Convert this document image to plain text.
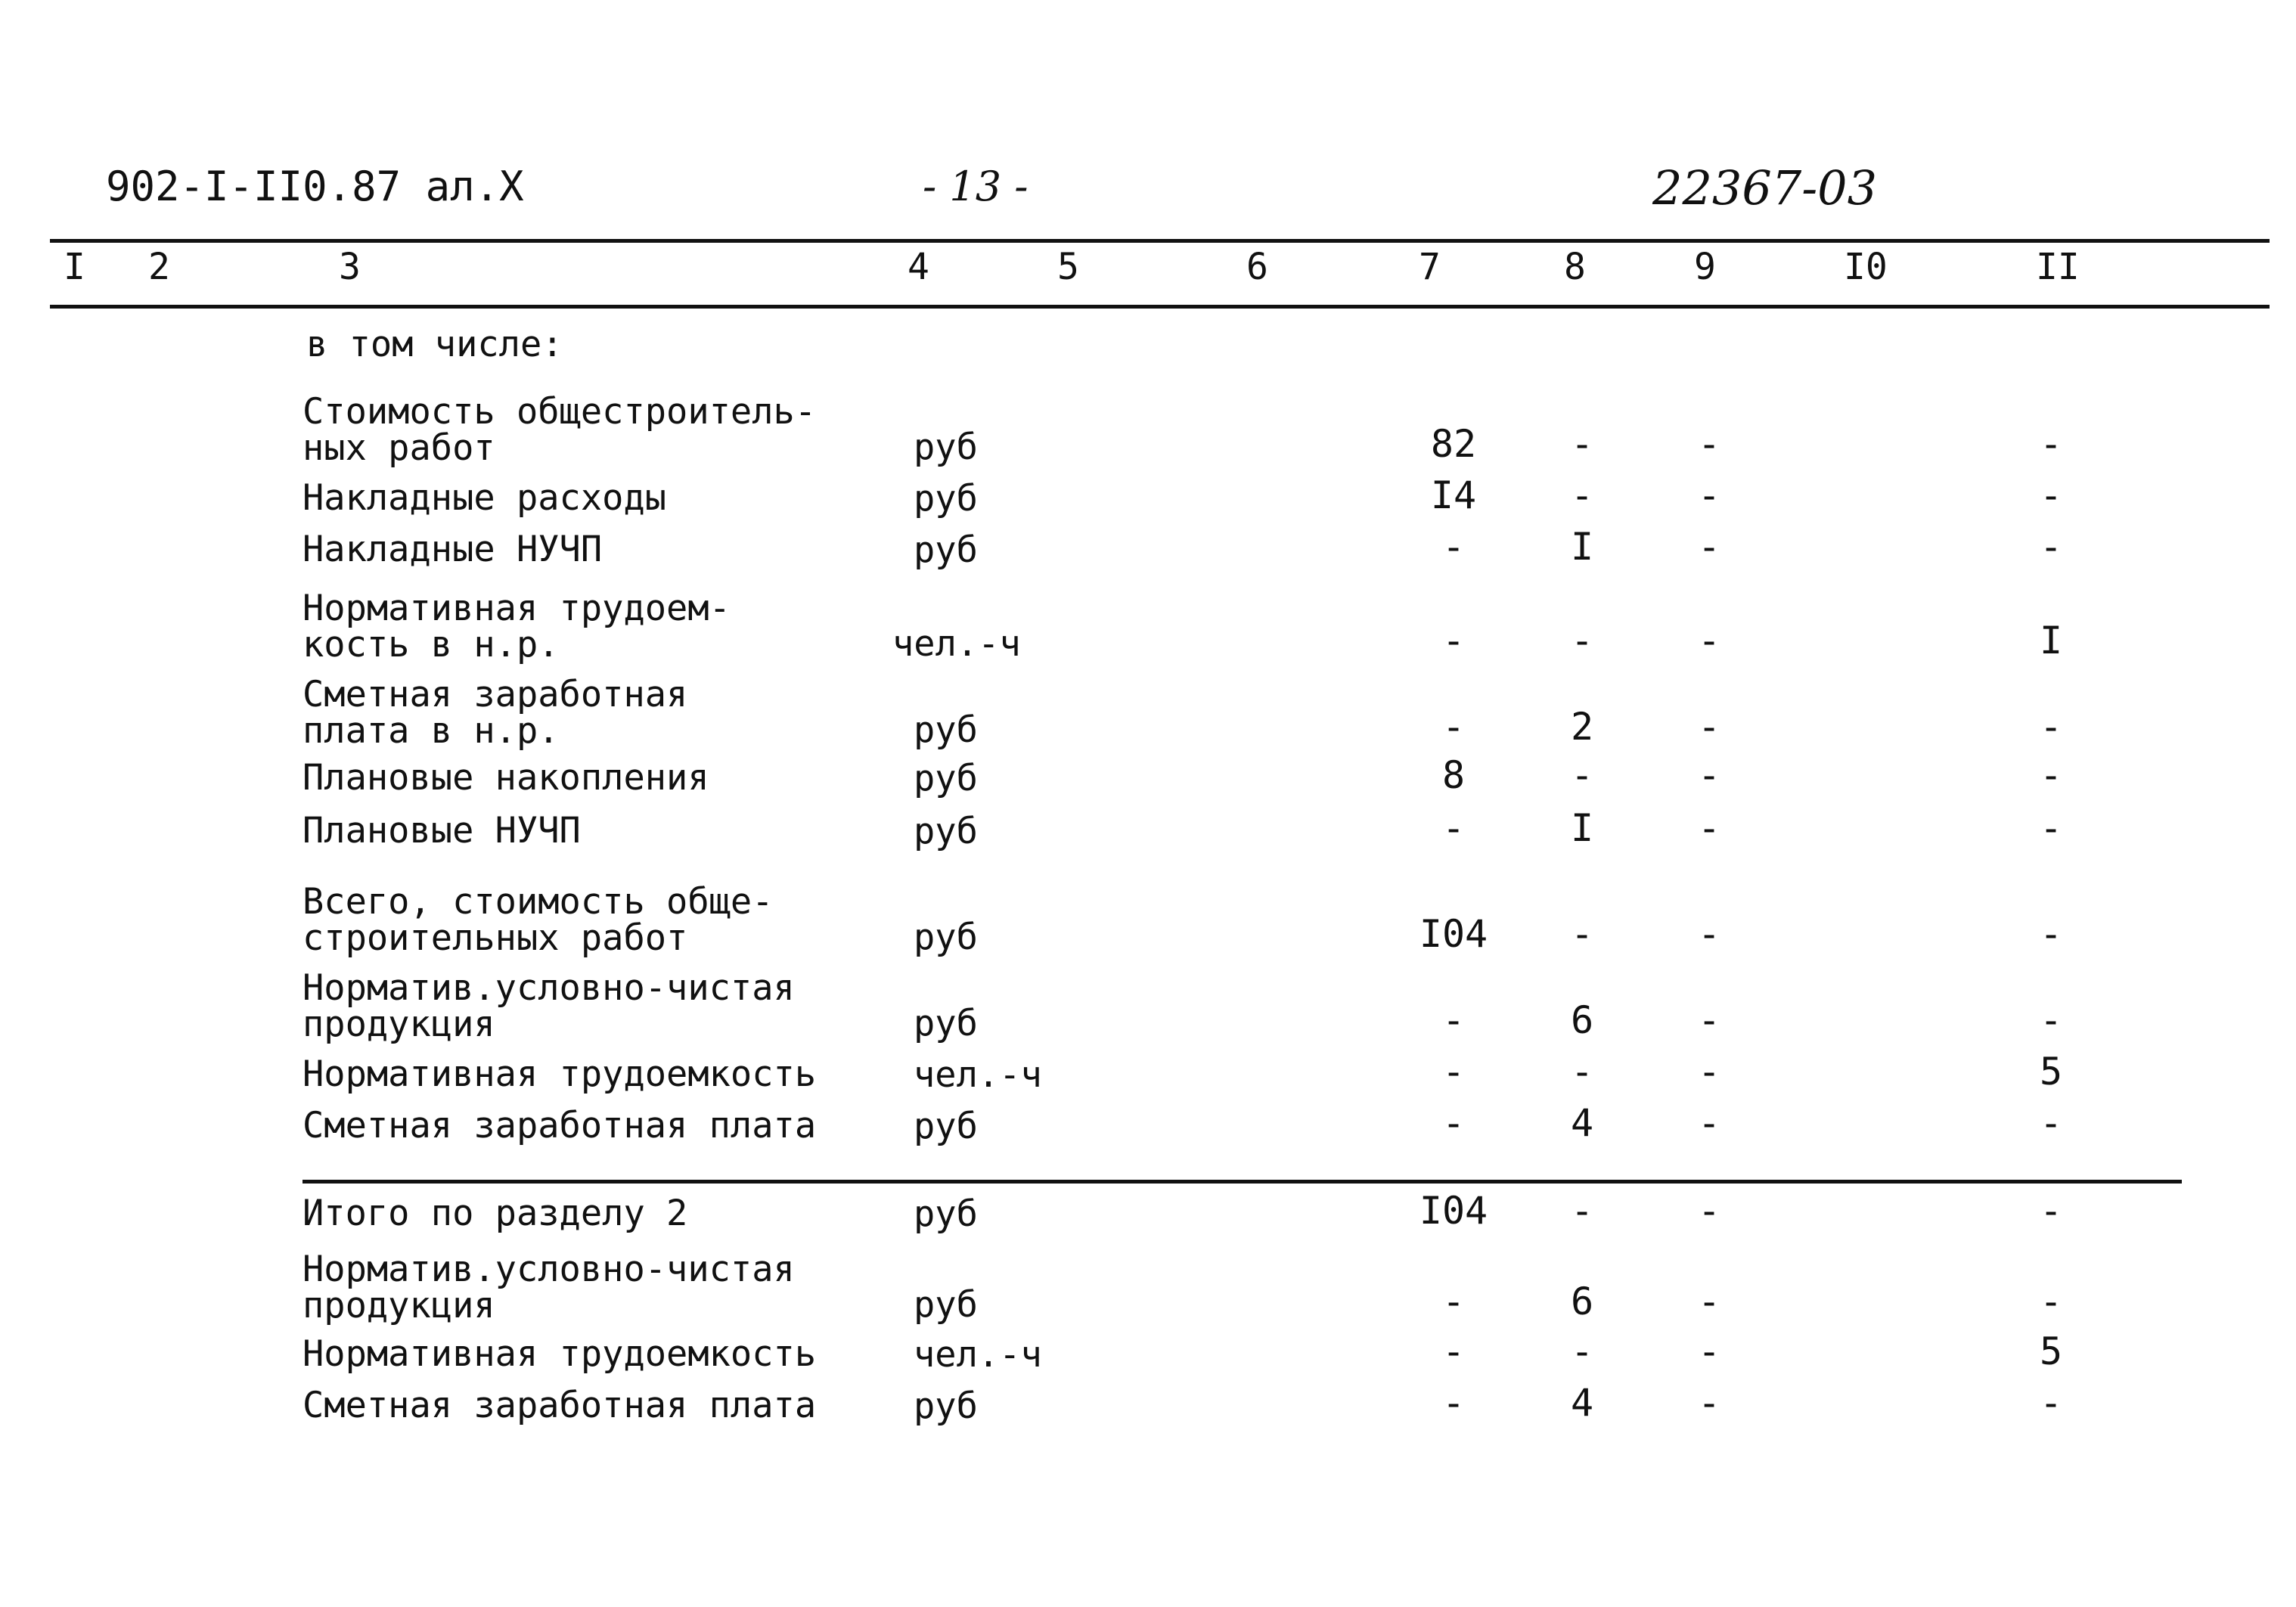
902-I-II0.87 ал.X	- 13 -	22367-03
I 2	3	4	5	6	7	8	9	I0	II
в том числе:
Стоимость общестроитель-
ных работ	руб	82	-	-	-
Накладные расходы	руб	I4	-	-	-
Накладные НУЧП	руб	-	I	-	-
Нормативная трудоем-
кость в н.р.	чел.-ч	-	-	-	I
Сметная заработная
плата в н.р.	руб	-	2	-	-
Плановые накопления	руб	8	-	-	-
Плановые НУЧП	руб	-	I	-	-
Всего, стоимость обще-
строительных работ	руб	I04	-	-	-
Норматив.условно-чистая
продукция	руб	-	6	-	-
Нормативная трудоемкость	чел.-ч	-	-	-	5
Сметная заработная плата	руб	-	4	-	-
Итого по разделу 2	руб	I04	-	-	-
Норматив.условно-чистая
продукция	руб	-	6	-	-
Нормативная трудоемкость	чел.-ч	-	-	-	5
Сметная заработная плата	руб	-	4	-	-
